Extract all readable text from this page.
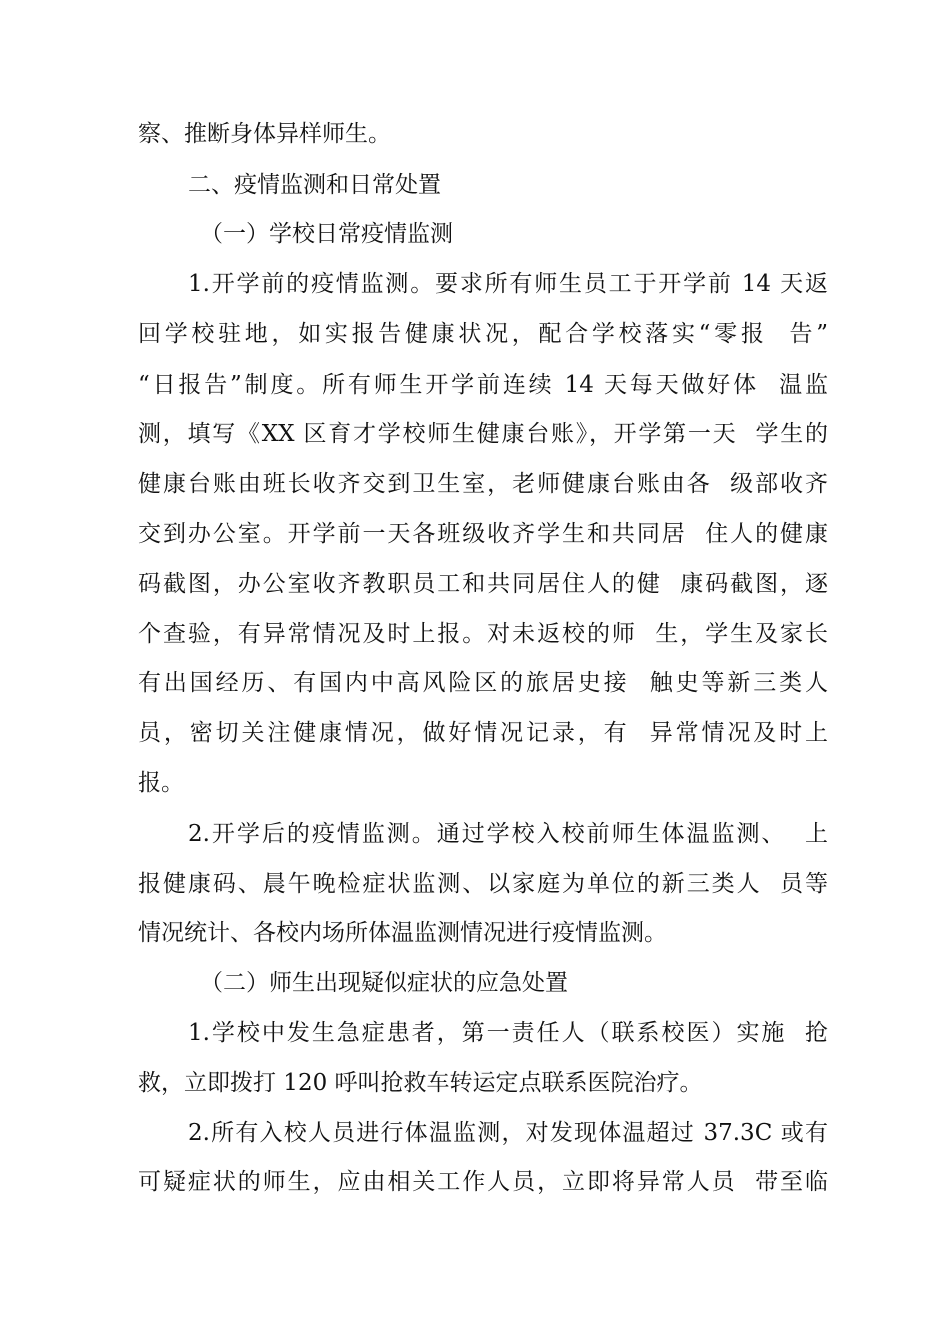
察、推断身体异样师生。
二、疫情监测和日常处置
（一）学校日常疫情监测
1.开学前的疫情监测。要求所有师生员工于开学前 14 天返
回学校驻地，如实报告健康状况，配合学校落实“零报  告”
“日报告”制度。所有师生开学前连续 14 天每天做好体  温监
测，填写《XX 区育才学校师生健康台账》，开学第一天  学生的
健康台账由班长收齐交到卫生室，老师健康台账由各  级部收齐
交到办公室。开学前一天各班级收齐学生和共同居  住人的健康
码截图，办公室收齐教职员工和共同居住人的健  康码截图，逐
个查验，有异常情况及时上报。对未返校的师  生，学生及家长
有出国经历、有国内中高风险区的旅居史接  触史等新三类人
员，密切关注健康情况，做好情况记录，有  异常情况及时上
报。
2.开学后的疫情监测。通过学校入校前师生体温监测、  上
报健康码、晨午晚检症状监测、以家庭为单位的新三类人  员等
情况统计、各校内场所体温监测情况进行疫情监测。
（二）师生出现疑似症状的应急处置
1.学校中发生急症患者，第一责任人（联系校医）实施  抢
救，立即拨打 120 呼叫抢救车转运定点联系医院治疗。
2.所有入校人员进行体温监测，对发现体温超过 37.3C 或有
可疑症状的师生，应由相关工作人员，立即将异常人员  带至临
